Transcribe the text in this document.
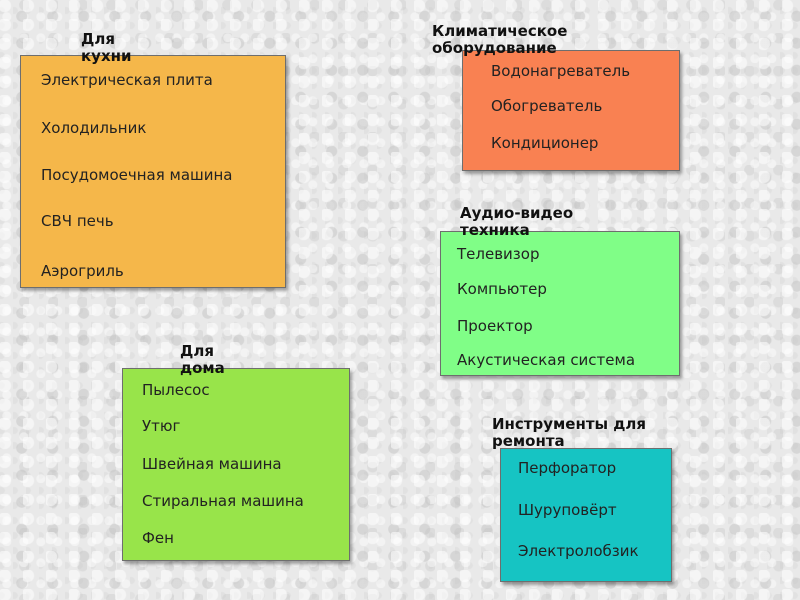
Электрическая плита
Холодильник
Посудомоечная машина
СВЧ печь
Аэрогриль
Для
кухни
Водонагреватель
Обогреватель
Кондиционер
Климатическое
оборудование
Телевизор
Компьютер
Проектор
Акустическая система
Аудио-видео
техника
Пылесос
Утюг
Швейная машина
Стиральная машина
Фен
Для
дома
Перфоратор
Шуруповёрт
Электролобзик
Инструменты для
ремонта
